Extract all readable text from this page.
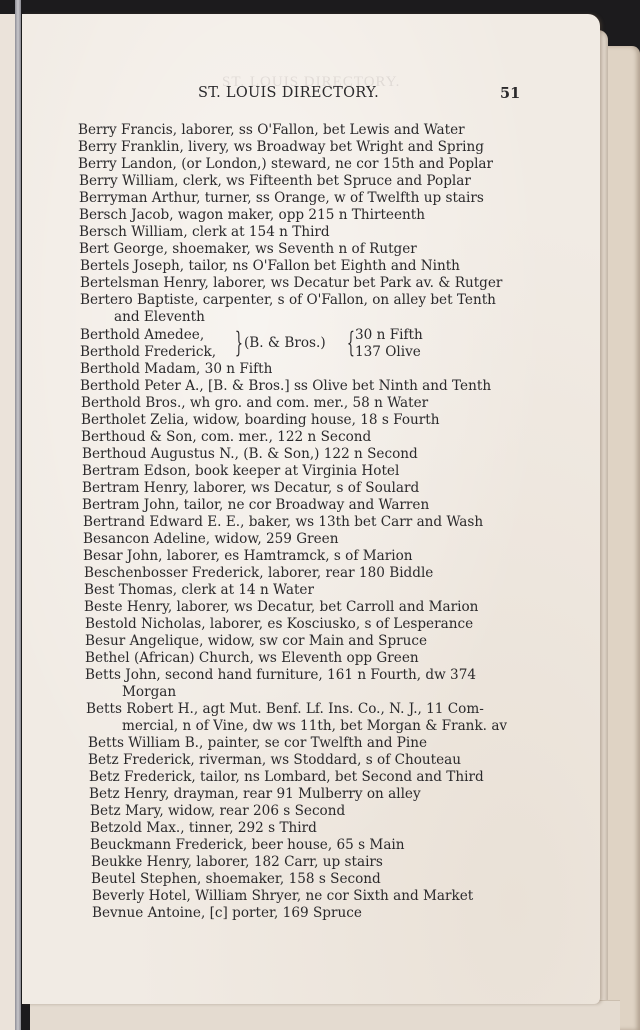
ST. LOUIS DIRECTORY.
ST. LOUIS DIRECTORY.	51
Berry Francis, laborer, ss O'Fallon, bet Lewis and Water
Berry Franklin, livery, ws Broadway bet Wright and Spring
Berry Landon, (or London,) steward, ne cor 15th and Poplar
Berry William, clerk, ws Fifteenth bet Spruce and Poplar
Berryman Arthur, turner, ss Orange, w of Twelfth up stairs
Bersch Jacob, wagon maker, opp 215 n Thirteenth
Bersch William, clerk at 154 n Third
Bert George, shoemaker, ws Seventh n of Rutger
Bertels Joseph, tailor, ns O'Fallon bet Eighth and Ninth
Bertelsman Henry, laborer, ws Decatur bet Park av. & Rutger
Bertero Baptiste, carpenter, s of O'Fallon, on alley bet Tenth
and Eleventh
Berthold Amedee,
Berthold Frederick, } (B. & Bros.) { 30 n Fifth
137 Olive
Berthold Madam, 30 n Fifth
Berthold Peter A., [B. & Bros.] ss Olive bet Ninth and Tenth
Berthold Bros., wh gro. and com. mer., 58 n Water
Bertholet Zelia, widow, boarding house, 18 s Fourth
Berthoud & Son, com. mer., 122 n Second
Berthoud Augustus N., (B. & Son,) 122 n Second
Bertram Edson, book keeper at Virginia Hotel
Bertram Henry, laborer, ws Decatur, s of Soulard
Bertram John, tailor, ne cor Broadway and Warren
Bertrand Edward E. E., baker, ws 13th bet Carr and Wash
Besancon Adeline, widow, 259 Green
Besar John, laborer, es Hamtramck, s of Marion
Beschenbosser Frederick, laborer, rear 180 Biddle
Best Thomas, clerk at 14 n Water
Beste Henry, laborer, ws Decatur, bet Carroll and Marion
Bestold Nicholas, laborer, es Kosciusko, s of Lesperance
Besur Angelique, widow, sw cor Main and Spruce
Bethel (African) Church, ws Eleventh opp Green
Betts John, second hand furniture, 161 n Fourth, dw 374
Morgan
Betts Robert H., agt Mut. Benf. Lf. Ins. Co., N. J., 11 Com-
mercial, n of Vine, dw ws 11th, bet Morgan & Frank. av
Betts William B., painter, se cor Twelfth and Pine
Betz Frederick, riverman, ws Stoddard, s of Chouteau
Betz Frederick, tailor, ns Lombard, bet Second and Third
Betz Henry, drayman, rear 91 Mulberry on alley
Betz Mary, widow, rear 206 s Second
Betzold Max., tinner, 292 s Third
Beuckmann Frederick, beer house, 65 s Main
Beukke Henry, laborer, 182 Carr, up stairs
Beutel Stephen, shoemaker, 158 s Second
Beverly Hotel, William Shryer, ne cor Sixth and Market
Bevnue Antoine, [c] porter, 169 Spruce
